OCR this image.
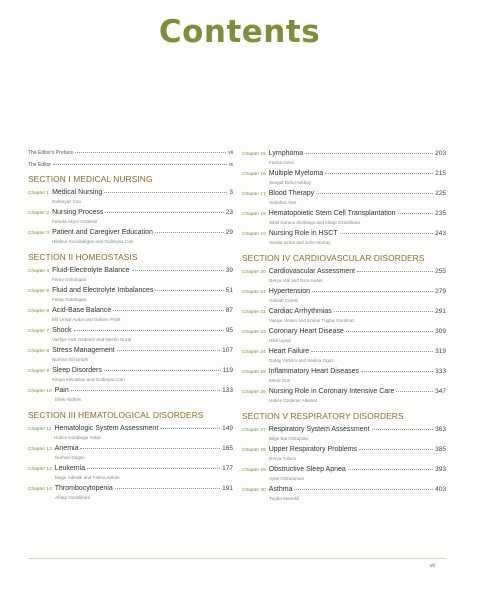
Contents
The Editor's Preface	vii
The Editor	ix
SECTION I MEDICAL NURSING
Chapter 1 Medical Nursing	3
Gulbeyaz Can
Chapter 2 Nursing Process	23
Fereda Akyol Ozdemir
Chapter 3 Patient and Caregiver Education	29
Hilalnur Kucukakgun and Gulbeyaz Can
SECTION II HOMEOSTASIS
Chapter 4 Fluid-Electrolyte Balance	39
Feray Gokdogan
Chapter 5 Fluid and Electrolyte Imbalances	51
Feray Gokdogan
Chapter 6 Acid-Base Balance	87
Elif Unsal Avdal and Gulsen Polat
Chapter 7 Shock	95
Vasfiye Asik Ozdemir And Nesrin Nural
Chapter 8 Stress Management	107
Nurhan Elif Erturk
Chapter 9 Sleep Disorders	119
Kimya Kilicaslan and Gulbeyaz Can
Chapter 10 Pain	133
Dilek Yildirim
SECTION III HEMATOLOGICAL DISORDERS
Chapter 11 Hematologic System Assessment	149
Hatice Karabuga Yakar
Chapter 12 Anemia	165
Nurhan Dogan
Chapter 13 Leukemia	177
Muge Adinsik and Fatma Arikan
Chapter 14 Thrombocytopenia	191
Ahtap Ozdelikara
Chapter 15 Lymphoma	203
Fatma Genc
Chapter 16 Multiple Myeloma	215
Sengul Dolu Hubbay
Chapter 17 Blood Therapy	225
Sebahat Ates
Chapter 18 Hematopoietic Stem Cell Transplantation	235
Sibel Karaca Sivrikaya and Aktap Ozdelikara
Chapter 19 Nursing Role in HSCT	243
Serdar Erdal and John Murray
SECTION IV CARDIOVASCULAR DISORDERS
Chapter 20 Cardiovascular Assessment	255
Derya Atik and Esra Keser
Chapter 21 Hypertension	279
Gulsah Caresi
Chapter 22 Cardiac Arrhythmias	291
Vasiye Unsen and Emine Tugba Yorulmaz
Chapter 23 Coronary Heart Disease	309
Hibil Uysal
Chapter 24 Heart Failure	319
Gulay Yildirim and Sedica Oguz
Chapter 25 Inflammatory Heart Diseases	333
Meral Gun
Chapter 26 Nursing Role in Coronary Intensive Care	347
Hatice Ozdemir Alkanat
SECTION V RESPIRATORY DISORDERS
Chapter 27 Respiratory System Assessment	363
Bilge Bal Ozkaptan
Chapter 28 Upper Respiratory Problems	385
Derya Tulucu
Chapter 29 Obstructive Sleep Apnea	393
Ayse Ozkaraman
Chapter 30 Asthma	403
Tugba Menekli
vii
